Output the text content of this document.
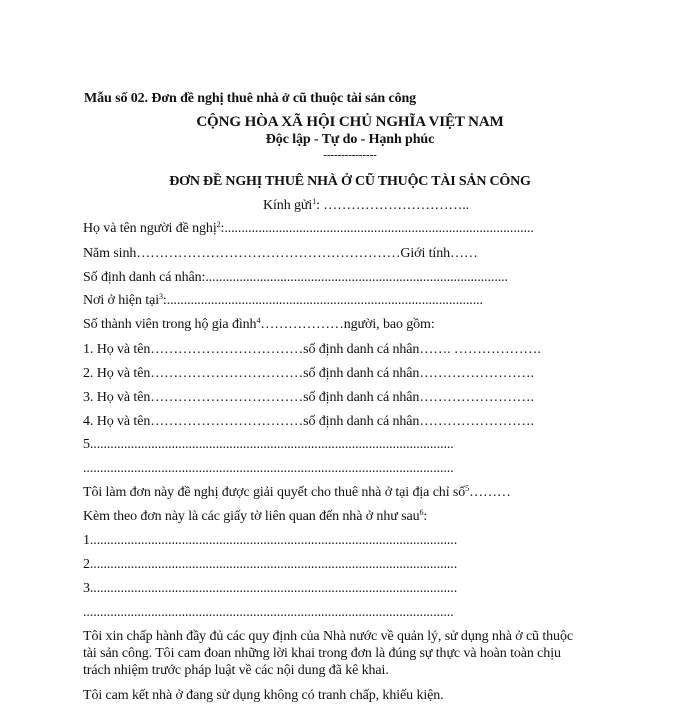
Mẫu số 02. Đơn đề nghị thuê nhà ở cũ thuộc tài sản công
CỘNG HÒA XÃ HỘI CHỦ NGHĨA VIỆT NAM
Độc lập - Tự do - Hạnh phúc
---------------
ĐƠN ĐỀ NGHỊ THUÊ NHÀ Ở CŨ THUỘC TÀI SẢN CÔNG
Kính gửi$^1$: …………………………..
Họ và tên người đề nghị$^2$:...........................................................................................
Năm sinh…………………………………………………Giới tính……
Số định danh cá nhân:.........................................................................................
Nơi ở hiện tại$^3$:.............................................................................................
Số thành viên trong hộ gia đình$^4$………………người, bao gồm:
1. Họ và tên……………………………số định danh cá nhân……. ……………….
2. Họ và tên……………………………số định danh cá nhân…………………….
3. Họ và tên……………………………số định danh cá nhân…………………….
4. Họ và tên……………………………số định danh cá nhân…………………….
5...........................................................................................................
.............................................................................................................
Tôi làm đơn này đề nghị được giải quyết cho thuê nhà ở tại địa chỉ số$^5$………
Kèm theo đơn này là các giấy tờ liên quan đến nhà ở như sau$^6$:
1............................................................................................................
2............................................................................................................
3............................................................................................................
.............................................................................................................
Tôi xin chấp hành đầy đủ các quy định của Nhà nước về quản lý, sử dụng nhà ở cũ thuộc
tài sản công. Tôi cam đoan những lời khai trong đơn là đúng sự thực và hoàn toàn chịu
trách nhiệm trước pháp luật về các nội dung đã kê khai.
Tôi cam kết nhà ở đang sử dụng không có tranh chấp, khiếu kiện.
